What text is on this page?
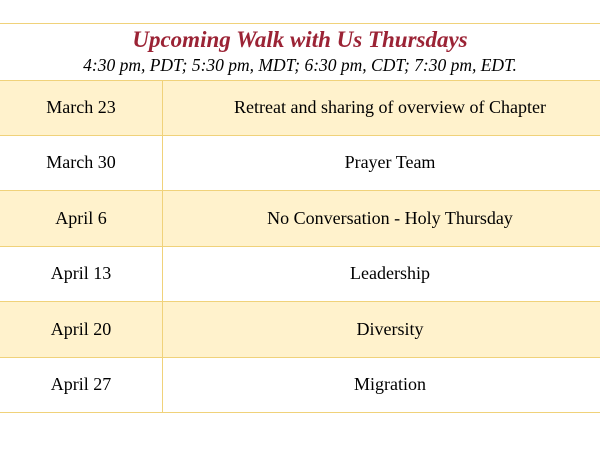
Upcoming Walk with Us Thursdays
4:30 pm, PDT; 5:30 pm, MDT; 6:30 pm, CDT; 7:30 pm, EDT.
March 23	Retreat and sharing of overview of Chapter
March 30	Prayer Team
April 6	No Conversation - Holy Thursday
April 13	Leadership
April 20	Diversity
April 27	Migration
